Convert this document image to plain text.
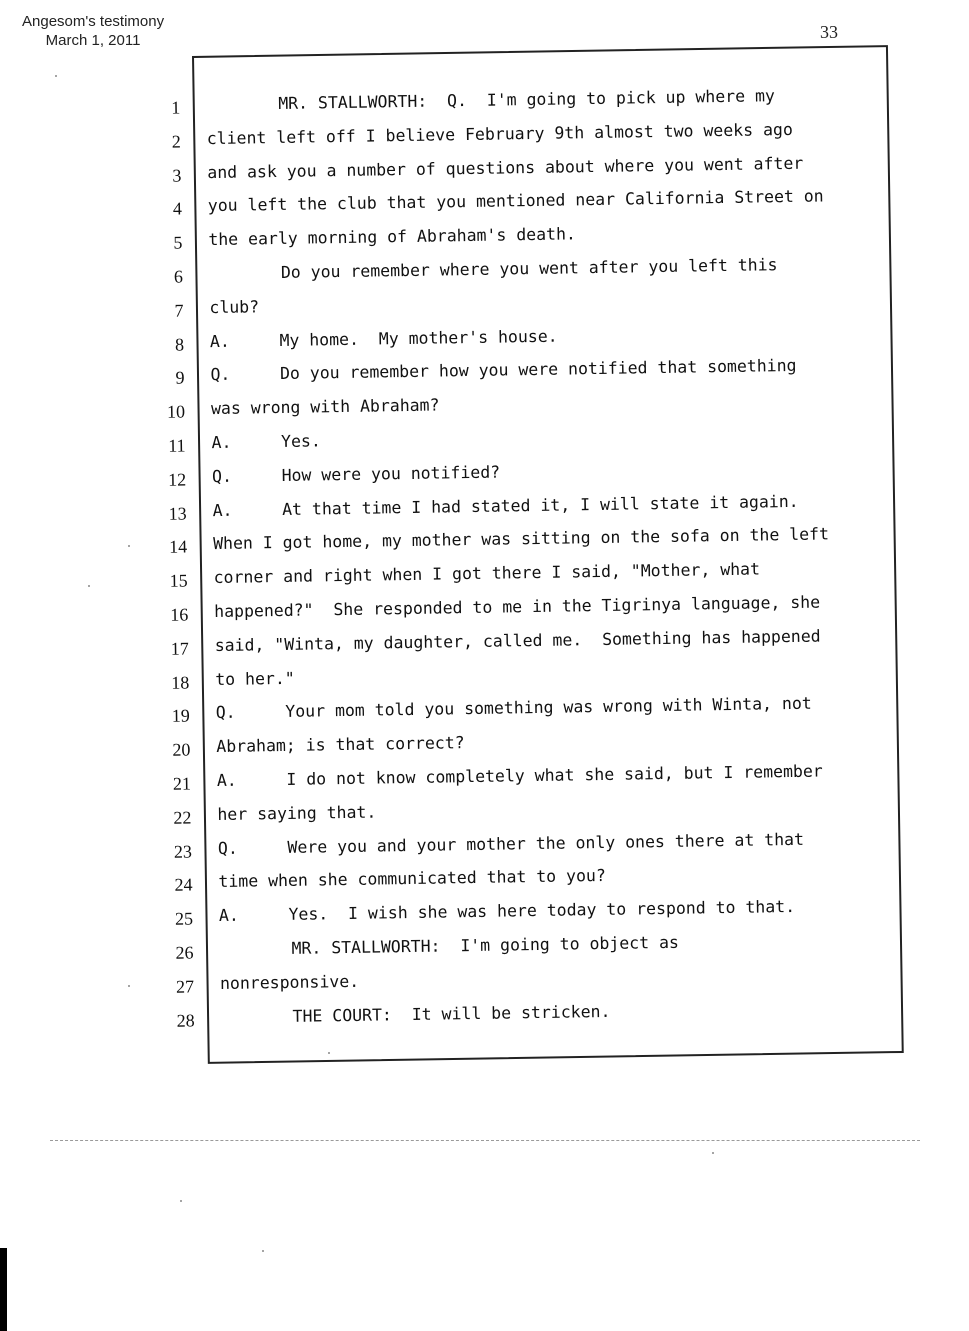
Angesom's testimony
March 1, 2011	33
1	MR. STALLWORTH:  Q.  I'm going to pick up where my
2 client left off I believe February 9th almost two weeks ago
3 and ask you a number of questions about where you went after
4 you left the club that you mentioned near California Street on
5 the early morning of Abraham's death.
6	Do you remember where you went after you left this
7 club?
8 A.     My home.  My mother's house.
9 Q.     Do you remember how you were notified that something
10 was wrong with Abraham?
11 A.     Yes.
12 Q.     How were you notified?
13 A.     At that time I had stated it, I will state it again.
14 When I got home, my mother was sitting on the sofa on the left
15 corner and right when I got there I said, "Mother, what
16 happened?"  She responded to me in the Tigrinya language, she
17 said, "Winta, my daughter, called me.  Something has happened
18 to her."
19 Q.     Your mom told you something was wrong with Winta, not
20 Abraham; is that correct?
21 A.     I do not know completely what she said, but I remember
22 her saying that.
23 Q.     Were you and your mother the only ones there at that
24 time when she communicated that to you?
25 A.     Yes.  I wish she was here today to respond to that.
26	MR. STALLWORTH:  I'm going to object as
27 nonresponsive.
28	THE COURT:  It will be stricken.
